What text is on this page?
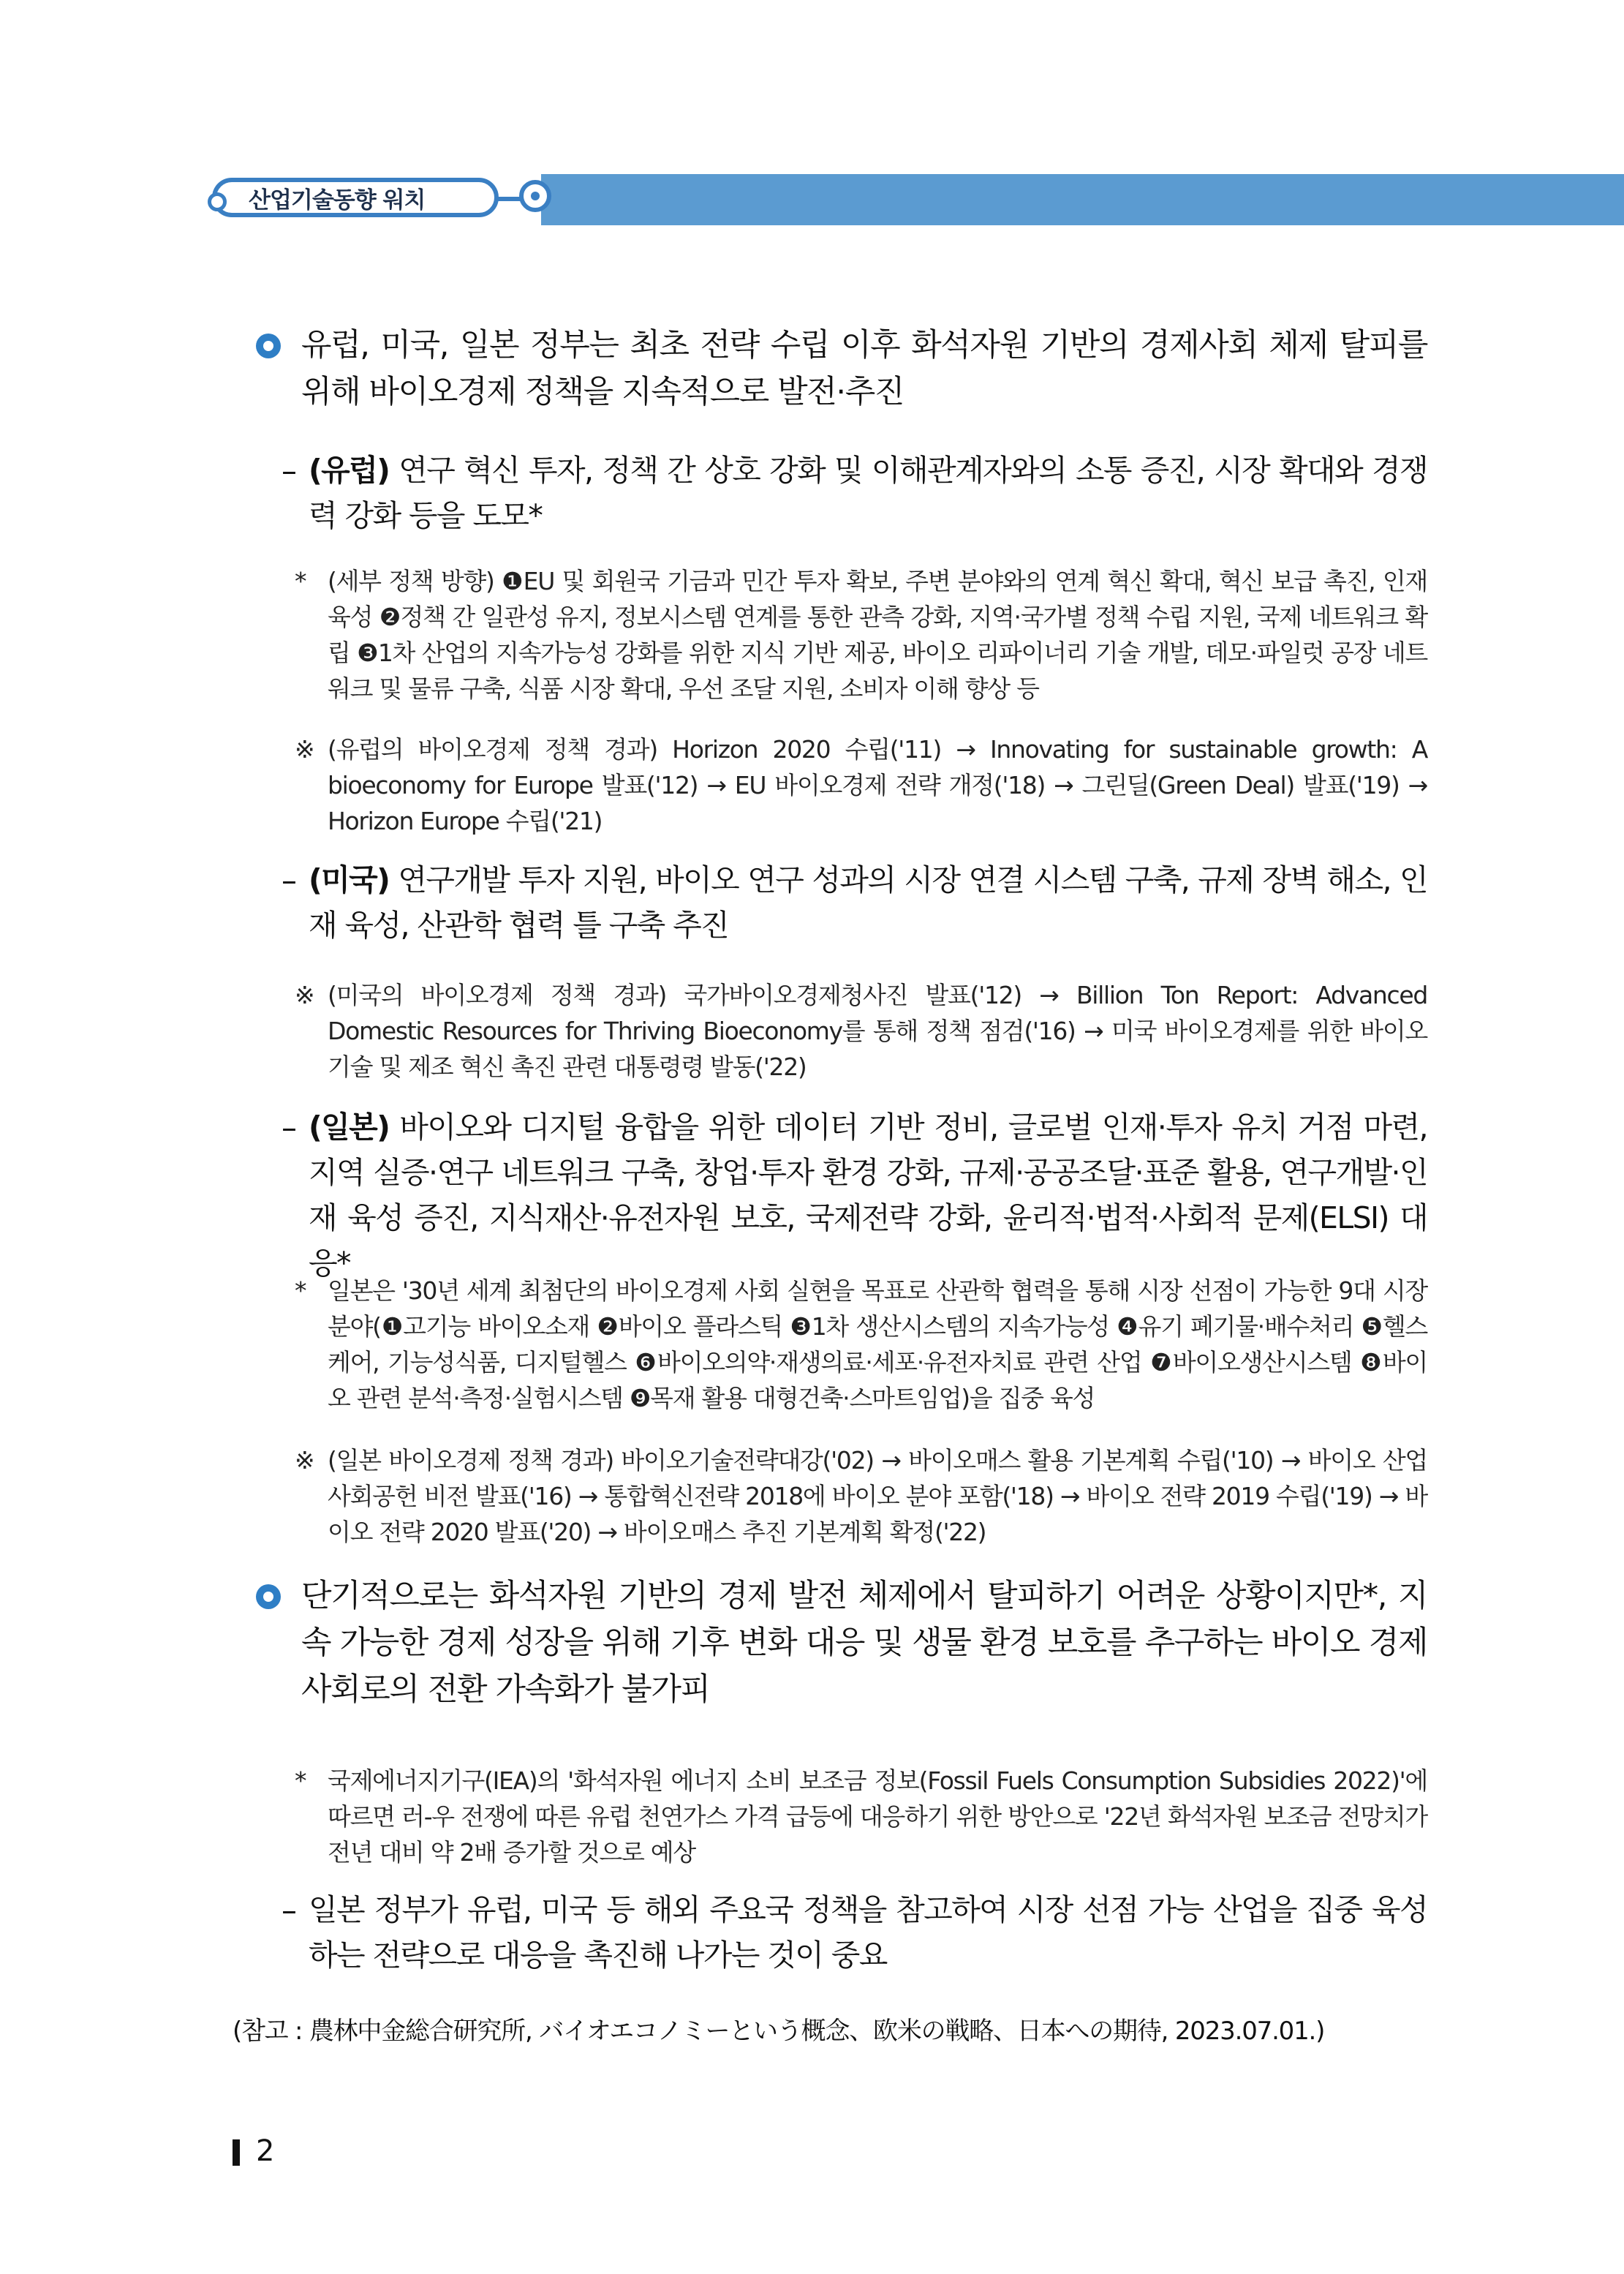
산업기술동향 워치
유럽, 미국, 일본 정부는 최초 전략 수립 이후 화석자원 기반의 경제사회 체제 탈피를 위해 바이오경제 정책을 지속적으로 발전·추진
– (유럽) 연구 혁신 투자, 정책 간 상호 강화 및 이해관계자와의 소통 증진, 시장 확대와 경쟁력 강화 등을 도모*
* (세부 정책 방향) ❶EU 및 회원국 기금과 민간 투자 확보, 주변 분야와의 연계 혁신 확대, 혁신 보급 촉진, 인재 육성 ❷정책 간 일관성 유지, 정보시스템 연계를 통한 관측 강화, 지역·국가별 정책 수립 지원, 국제 네트워크 확립 ❸1차 산업의 지속가능성 강화를 위한 지식 기반 제공, 바이오 리파이너리 기술 개발, 데모·파일럿 공장 네트워크 및 물류 구축, 식품 시장 확대, 우선 조달 지원, 소비자 이해 향상 등
※ (유럽의 바이오경제 정책 경과) Horizon 2020 수립('11) → Innovating for sustainable growth: A bioeconomy for Europe 발표('12) → EU 바이오경제 전략 개정('18) → 그린딜(Green Deal) 발표('19) → Horizon Europe 수립('21)
– (미국) 연구개발 투자 지원, 바이오 연구 성과의 시장 연결 시스템 구축, 규제 장벽 해소, 인재 육성, 산관학 협력 틀 구축 추진
※ (미국의 바이오경제 정책 경과) 국가바이오경제청사진 발표('12) → Billion Ton Report: Advanced Domestic Resources for Thriving Bioeconomy를 통해 정책 점검('16) → 미국 바이오경제를 위한 바이오 기술 및 제조 혁신 촉진 관련 대통령령 발동('22)
– (일본) 바이오와 디지털 융합을 위한 데이터 기반 정비, 글로벌 인재·투자 유치 거점 마련, 지역 실증·연구 네트워크 구축, 창업·투자 환경 강화, 규제·공공조달·표준 활용, 연구개발·인재 육성 증진, 지식재산·유전자원 보호, 국제전략 강화, 윤리적·법적·사회적 문제(ELSI) 대응*
* 일본은 '30년 세계 최첨단의 바이오경제 사회 실현을 목표로 산관학 협력을 통해 시장 선점이 가능한 9대 시장 분야(❶고기능 바이오소재 ❷바이오 플라스틱 ❸1차 생산시스템의 지속가능성 ❹유기 폐기물·배수처리 ❺헬스케어, 기능성식품, 디지털헬스 ❻바이오의약·재생의료·세포·유전자치료 관련 산업 ❼바이오생산시스템 ❽바이오 관련 분석·측정·실험시스템 ❾목재 활용 대형건축·스마트임업)을 집중 육성
※ (일본 바이오경제 정책 경과) 바이오기술전략대강('02) → 바이오매스 활용 기본계획 수립('10) → 바이오 산업 사회공헌 비전 발표('16) → 통합혁신전략 2018에 바이오 분야 포함('18) → 바이오 전략 2019 수립('19) → 바이오 전략 2020 발표('20) → 바이오매스 추진 기본계획 확정('22)
단기적으로는 화석자원 기반의 경제 발전 체제에서 탈피하기 어려운 상황이지만*, 지속 가능한 경제 성장을 위해 기후 변화 대응 및 생물 환경 보호를 추구하는 바이오 경제 사회로의 전환 가속화가 불가피
* 국제에너지기구(IEA)의 '화석자원 에너지 소비 보조금 정보(Fossil Fuels Consumption Subsidies 2022)'에 따르면 러-우 전쟁에 따른 유럽 천연가스 가격 급등에 대응하기 위한 방안으로 '22년 화석자원 보조금 전망치가 전년 대비 약 2배 증가할 것으로 예상
– 일본 정부가 유럽, 미국 등 해외 주요국 정책을 참고하여 시장 선점 가능 산업을 집중 육성하는 전략으로 대응을 촉진해 나가는 것이 중요
(참고 : 農林中金総合研究所, バイオエコノミーという概念、欧米の戦略、日本への期待, 2023.07.01.)
2
